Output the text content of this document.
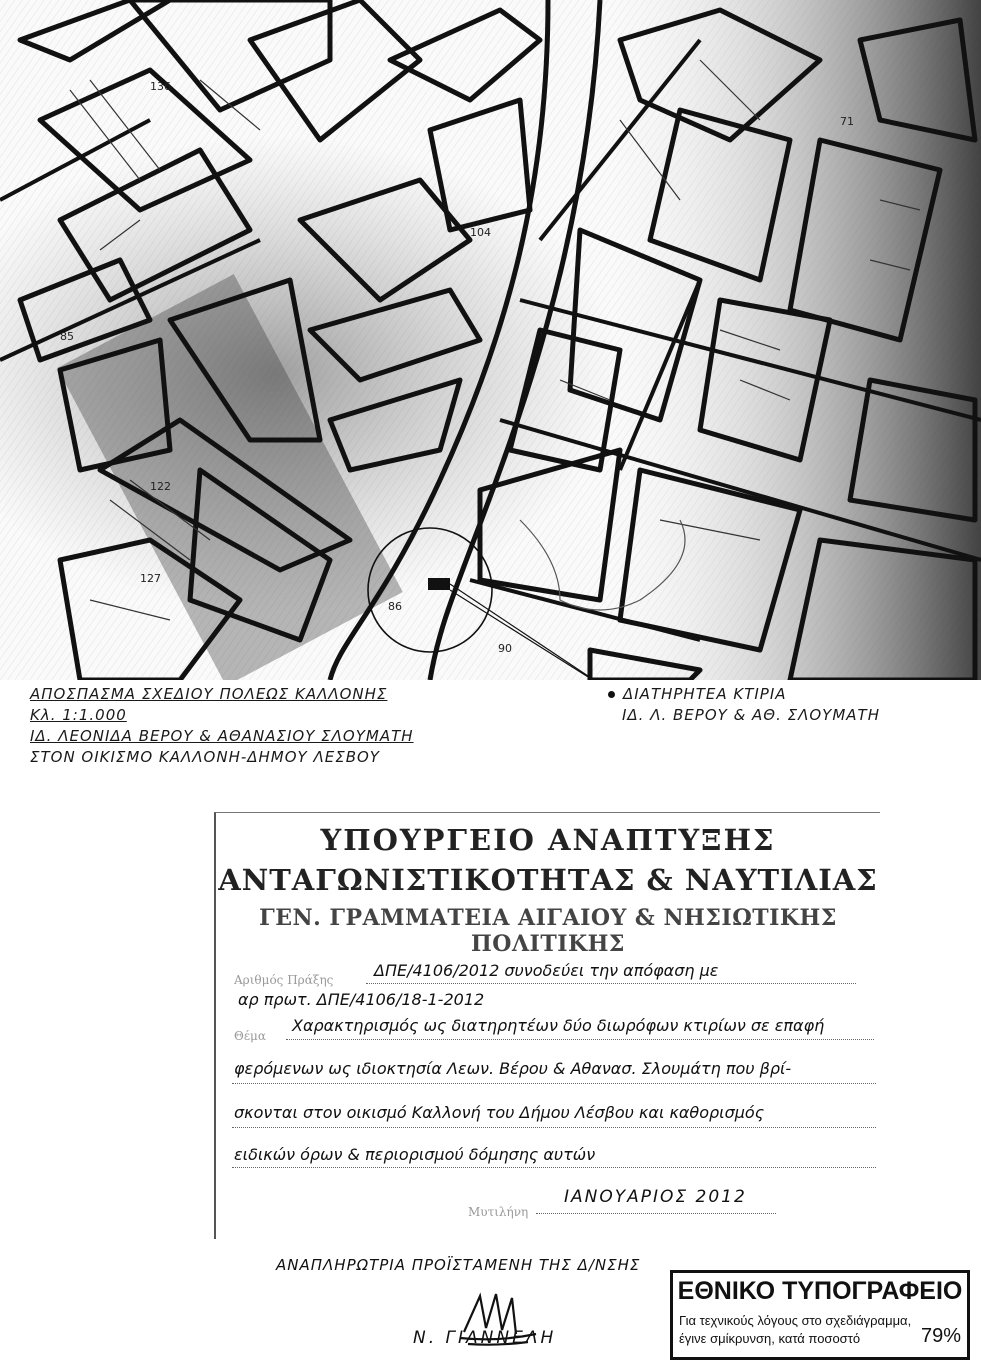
136
104
122
127
86
90
85
71
ΑΠΟΣΠΑΣΜΑ ΣΧΕΔΙΟΥ ΠΟΛΕΩΣ ΚΑΛΛΟΝΗΣ
Κλ. 1:1.000
ΙΔ. ΛΕΟΝΙΔΑ ΒΕΡΟΥ & ΑΘΑΝΑΣΙΟΥ ΣΛΟΥΜΑΤΗ
ΣΤΟΝ ΟΙΚΙΣΜΟ ΚΑΛΛΟΝΗ-ΔΗΜΟΥ ΛΕΣΒΟΥ
ΔΙΑΤΗΡΗΤΕΑ ΚΤΙΡΙΑ
ΙΔ. Λ. ΒΕΡΟΥ & ΑΘ. ΣΛΟΥΜΑΤΗ
ΥΠΟΥΡΓΕΙΟ ΑΝΑΠΤΥΞΗΣ
ΑΝΤΑΓΩΝΙΣΤΙΚΟΤΗΤΑΣ & ΝΑΥΤΙΛΙΑΣ
ΓΕΝ. ΓΡΑΜΜΑΤΕΙΑ ΑΙΓΑΙΟΥ & ΝΗΣΙΩΤΙΚΗΣ ΠΟΛΙΤΙΚΗΣ
Αριθμός Πράξης	ΔΠΕ/4106/2012 συνοδεύει την απόφαση με
αρ πρωτ. ΔΠΕ/4106/18-1-2012
Θέμα
Χαρακτηρισμός ως διατηρητέων δύο διωρόφων κτιρίων σε επαφή
φερόμενων ως ιδιοκτησία Λεων. Βέρου & Αθανασ. Σλουμάτη που βρί-
σκονται στον οικισμό Καλλονή του Δήμου Λέσβου και καθορισμός
ειδικών όρων & περιορισμού δόμησης αυτών
Μυτιλήνη
ΙΑΝΟΥΑΡΙΟΣ 2012
ΑΝΑΠΛΗΡΩΤΡΙΑ ΠΡΟΪΣΤΑΜΕΝΗ ΤΗΣ Δ/ΝΣΗΣ
Ν. ΓΙΑΝΝΕΛΗ
ΕΘΝΙΚΟ ΤΥΠΟΓΡΑΦΕΙΟ
Για τεχνικούς λόγους στο σχεδιάγραμμα,
έγινε σμίκρυνση, κατά ποσοστό	79%
